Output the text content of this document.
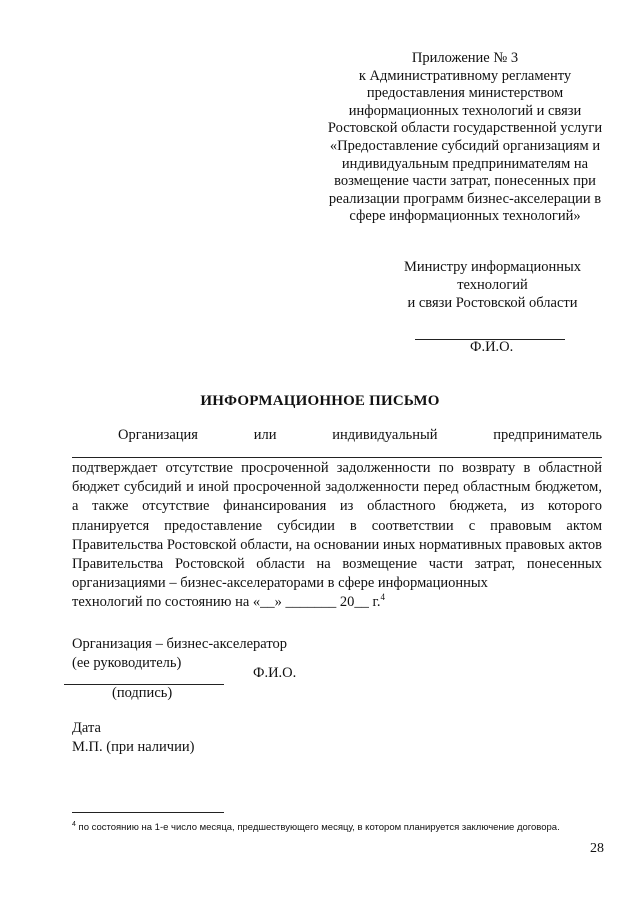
Приложение № 3
к Административному регламенту
предоставления министерством
информационных технологий и связи
Ростовской области государственной услуги
«Предоставление субсидий организациям и
индивидуальным предпринимателям на
возмещение части затрат, понесенных при
реализации программ бизнес-акселерации в
сфере информационных технологий»
Министру информационных
технологий
и связи Ростовской области
Ф.И.О.
ИНФОРМАЦИОННОЕ ПИСЬМО
Организация	или	индивидуальный	предприниматель

подтверждает отсутствие просроченной задолженности по возврату в областной бюджет субсидий и иной просроченной задолженности перед областным бюджетом, а также отсутствие финансирования из областного бюджета, из которого планируется предоставление субсидии в соответствии с правовым актом Правительства Ростовской области, на основании иных нормативных правовых актов Правительства Ростовской области на возмещение части затрат, понесенных организациями – бизнес-акселераторами в сфере информационных

технологий по состоянию на «__» _______ 20__ г.$^4$

Организация – бизнес-акселератор
(ее руководитель)
Ф.И.О.
(подпись)
Дата
М.П. (при наличии)
$^4$ по состоянию на 1-е число месяца, предшествующего месяцу, в котором планируется заключение договора.
28
